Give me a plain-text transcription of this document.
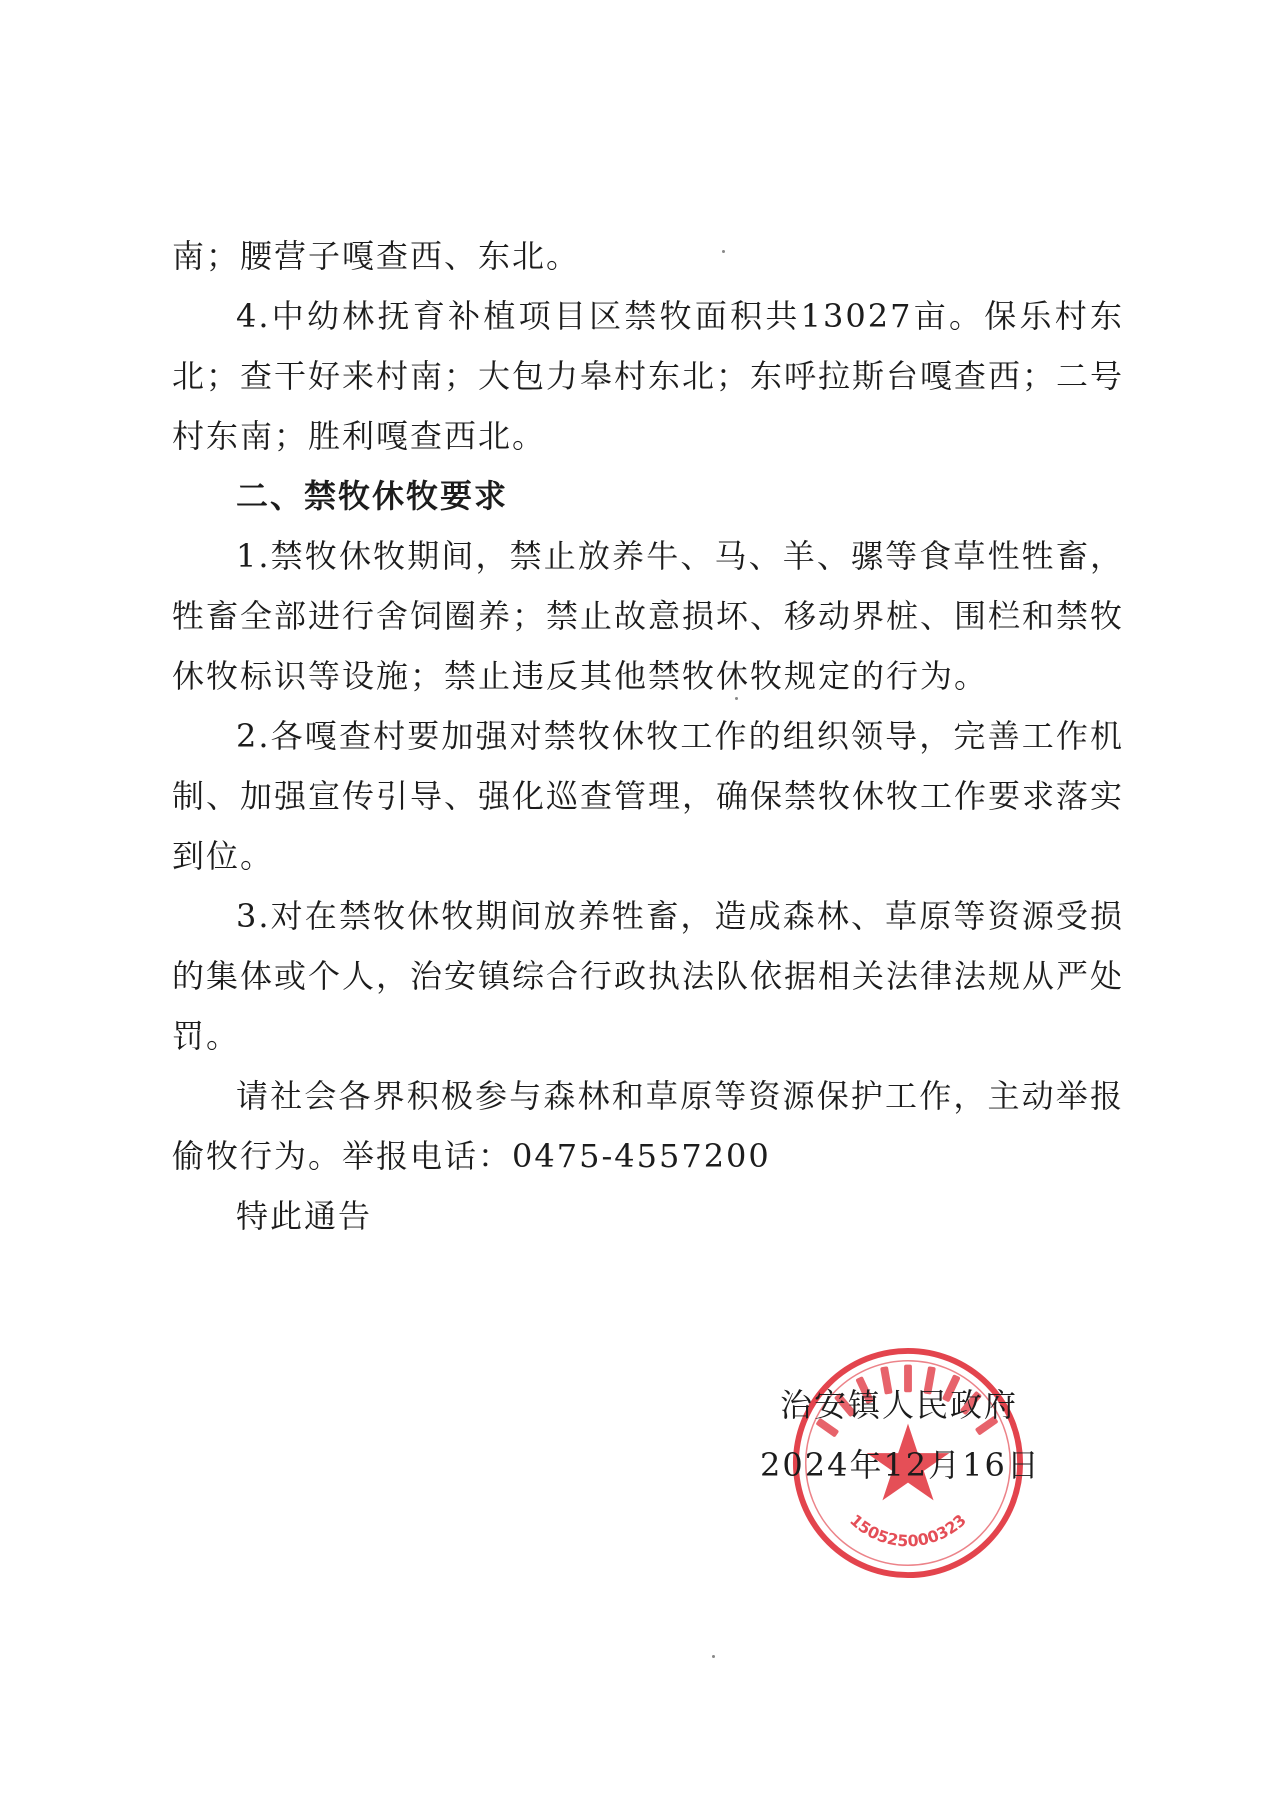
南；腰营子嘎查西、东北。

4.中幼林抚育补植项目区禁牧面积共13027亩。保乐村东北；查干好来村南；大包力皋村东北；东呼拉斯台嘎查西；二号村东南；胜利嘎查西北。

二、禁牧休牧要求

1.禁牧休牧期间，禁止放养牛、马、羊、骡等食草性牲畜，牲畜全部进行舍饲圈养；禁止故意损坏、移动界桩、围栏和禁牧休牧标识等设施；禁止违反其他禁牧休牧规定的行为。

2.各嘎查村要加强对禁牧休牧工作的组织领导，完善工作机制、加强宣传引导、强化巡查管理，确保禁牧休牧工作要求落实到位。

3.对在禁牧休牧期间放养牲畜，造成森林、草原等资源受损的集体或个人，治安镇综合行政执法队依据相关法律法规从严处罚。

请社会各界积极参与森林和草原等资源保护工作，主动举报偷牧行为。举报电话：0475-4557200

特此通告

150525000323
治安镇人民政府
2024年12月16日
